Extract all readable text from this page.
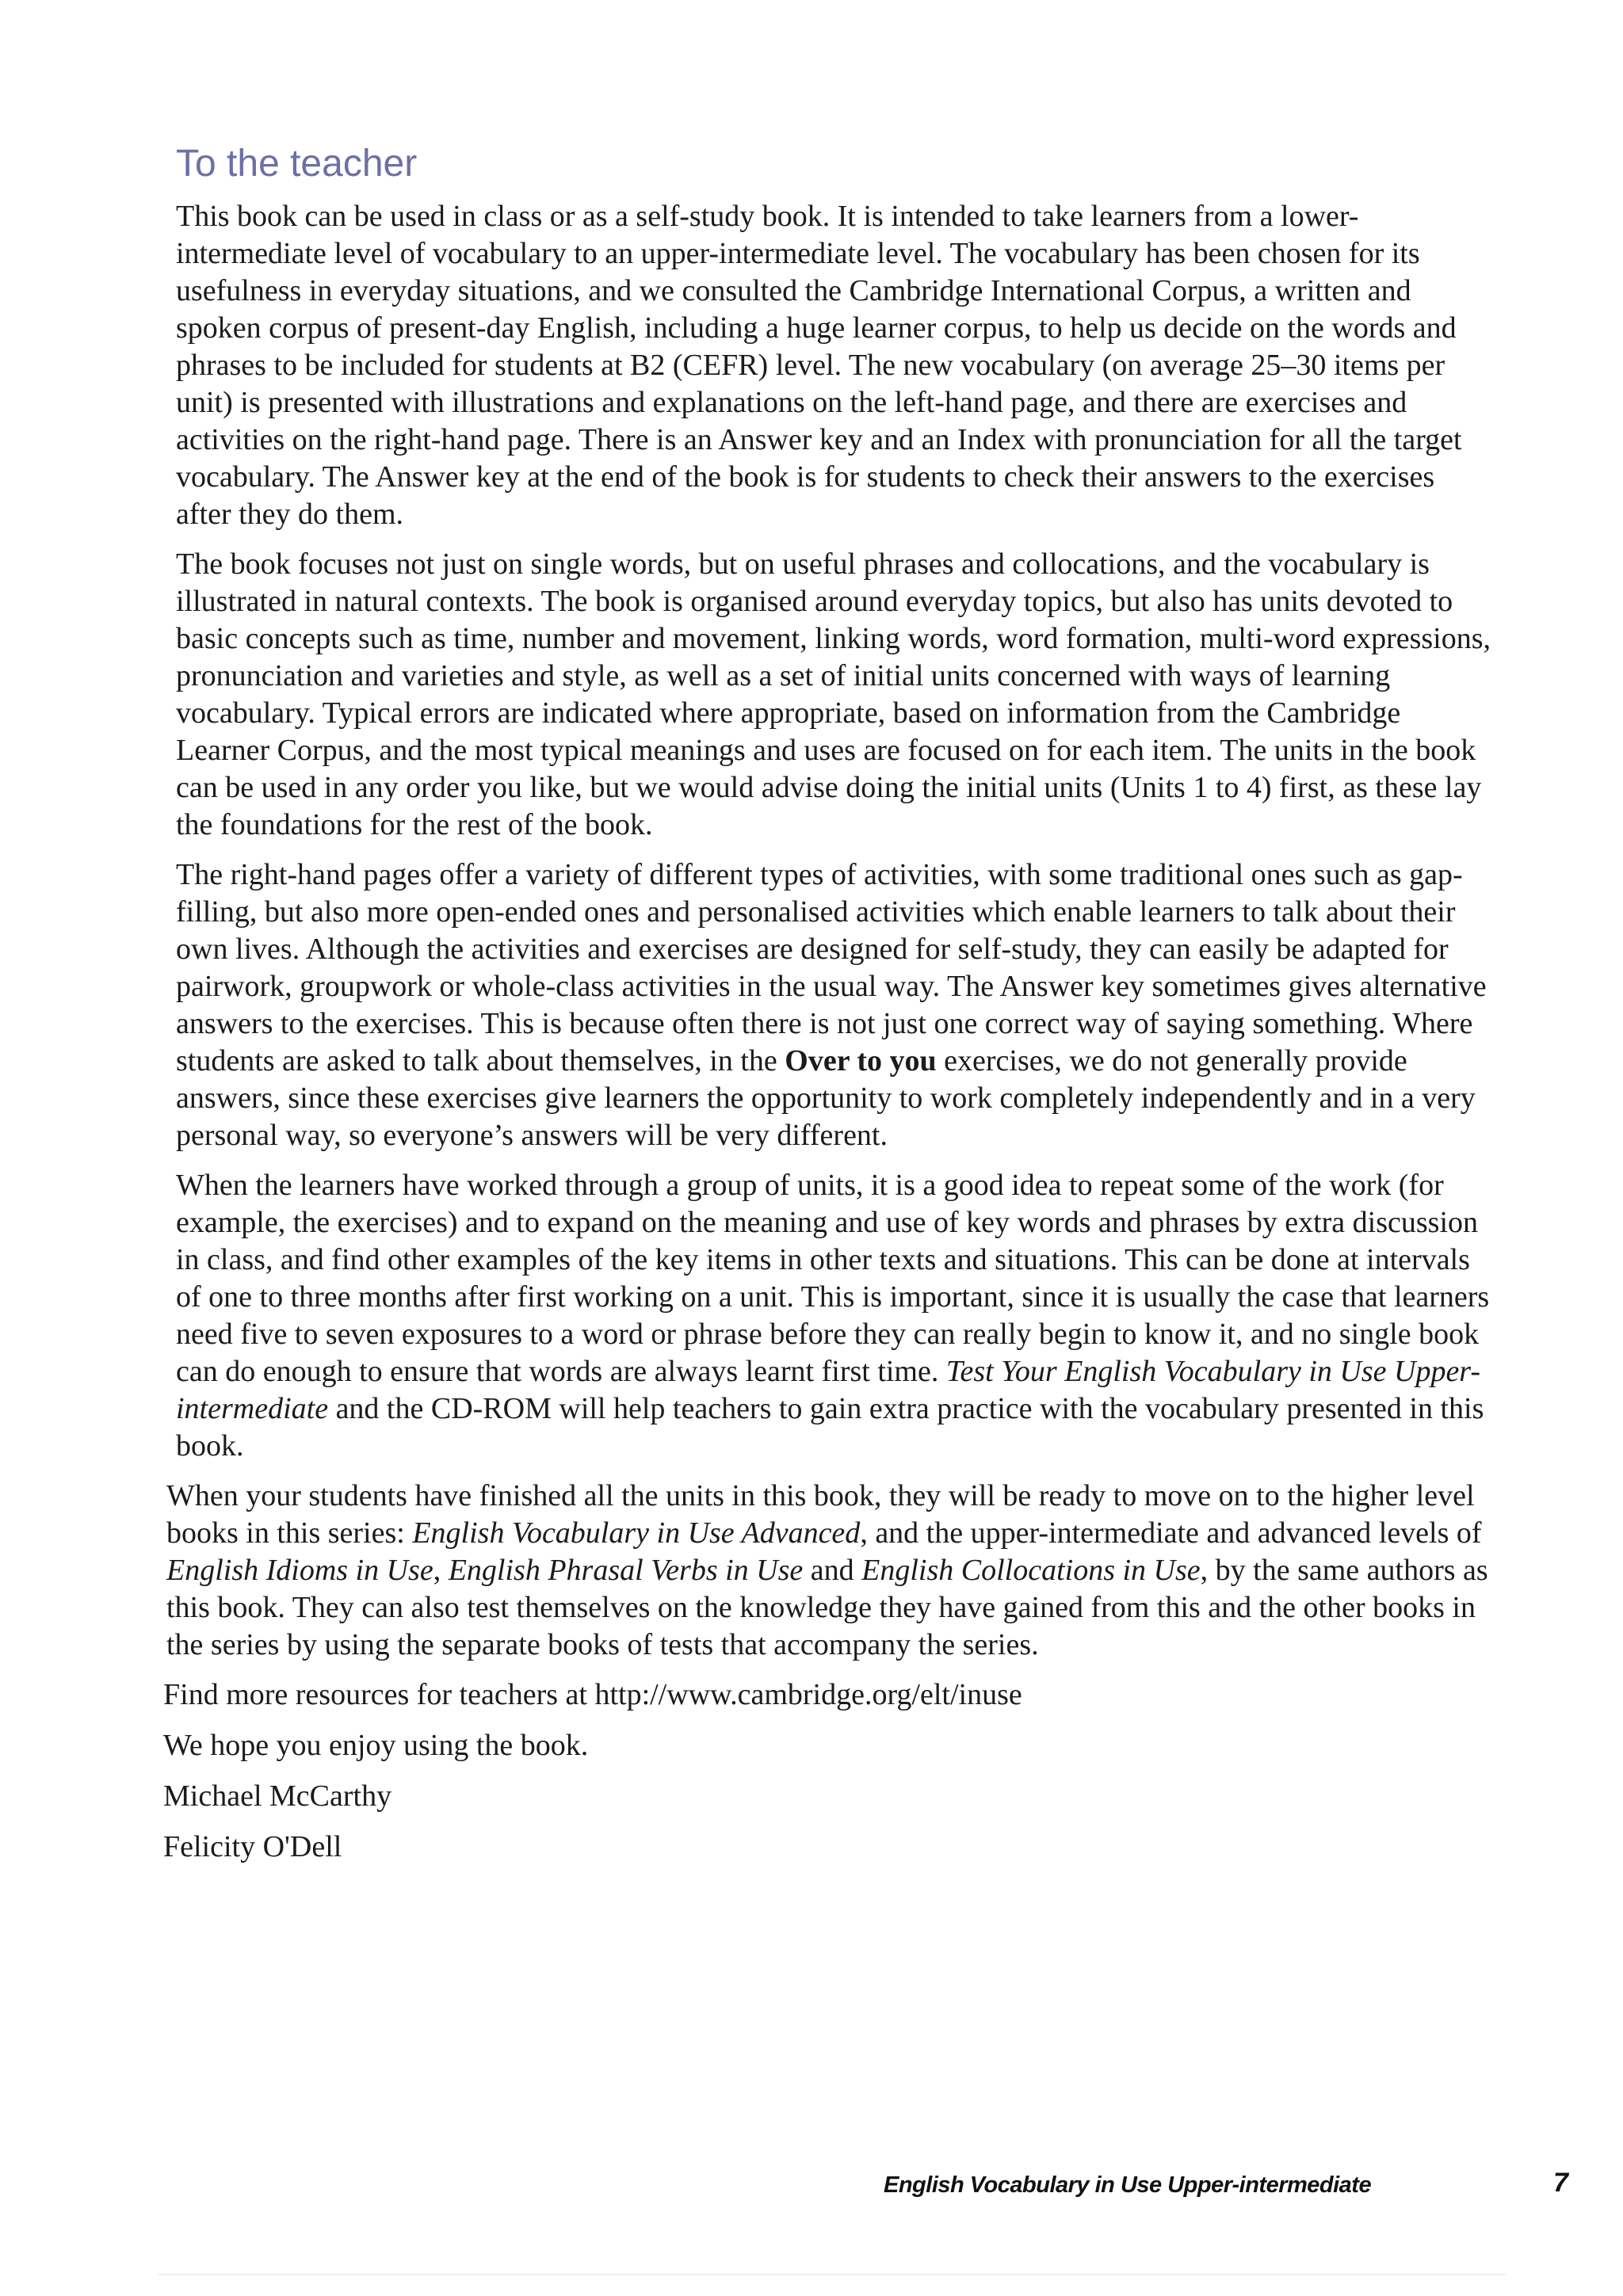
To the teacher

This book can be used in class or as a self-study book. It is intended to take learners from a lower-intermediate level of vocabulary to an upper-intermediate level. The vocabulary has been chosen for its usefulness in everyday situations, and we consulted the Cambridge International Corpus, a written and spoken corpus of present-day English, including a huge learner corpus, to help us decide on the words and phrases to be included for students at B2 (CEFR) level. The new vocabulary (on average 25–30 items per unit) is presented with illustrations and explanations on the left-hand page, and there are exercises and activities on the right-hand page. There is an Answer key and an Index with pronunciation for all the target vocabulary. The Answer key at the end of the book is for students to check their answers to the exercises after they do them.

The book focuses not just on single words, but on useful phrases and collocations, and the vocabulary is illustrated in natural contexts. The book is organised around everyday topics, but also has units devoted to basic concepts such as time, number and movement, linking words, word formation, multi-word expressions, pronunciation and varieties and style, as well as a set of initial units concerned with ways of learning vocabulary. Typical errors are indicated where appropriate, based on information from the Cambridge Learner Corpus, and the most typical meanings and uses are focused on for each item. The units in the book can be used in any order you like, but we would advise doing the initial units (Units 1 to 4) first, as these lay the foundations for the rest of the book.

The right-hand pages offer a variety of different types of activities, with some traditional ones such as gap-filling, but also more open-ended ones and personalised activities which enable learners to talk about their own lives. Although the activities and exercises are designed for self-study, they can easily be adapted for pairwork, groupwork or whole-class activities in the usual way. The Answer key sometimes gives alternative answers to the exercises. This is because often there is not just one correct way of saying something. Where students are asked to talk about themselves, in the Over to you exercises, we do not generally provide answers, since these exercises give learners the opportunity to work completely independently and in a very personal way, so everyone’s answers will be very different.

When the learners have worked through a group of units, it is a good idea to repeat some of the work (for example, the exercises) and to expand on the meaning and use of key words and phrases by extra discussion in class, and find other examples of the key items in other texts and situations. This can be done at intervals of one to three months after first working on a unit. This is important, since it is usually the case that learners need five to seven exposures to a word or phrase before they can really begin to know it, and no single book can do enough to ensure that words are always learnt first time. Test Your English Vocabulary in Use Upper-intermediate and the CD-ROM will help teachers to gain extra practice with the vocabulary presented in this book.

When your students have finished all the units in this book, they will be ready to move on to the higher level books in this series: English Vocabulary in Use Advanced, and the upper-intermediate and advanced levels of English Idioms in Use, English Phrasal Verbs in Use and English Collocations in Use, by the same authors as this book. They can also test themselves on the knowledge they have gained from this and the other books in the series by using the separate books of tests that accompany the series.

Find more resources for teachers at http://www.cambridge.org/elt/inuse

We hope you enjoy using the book.

Michael McCarthy

Felicity O'Dell

English Vocabulary in Use Upper-intermediate	7
